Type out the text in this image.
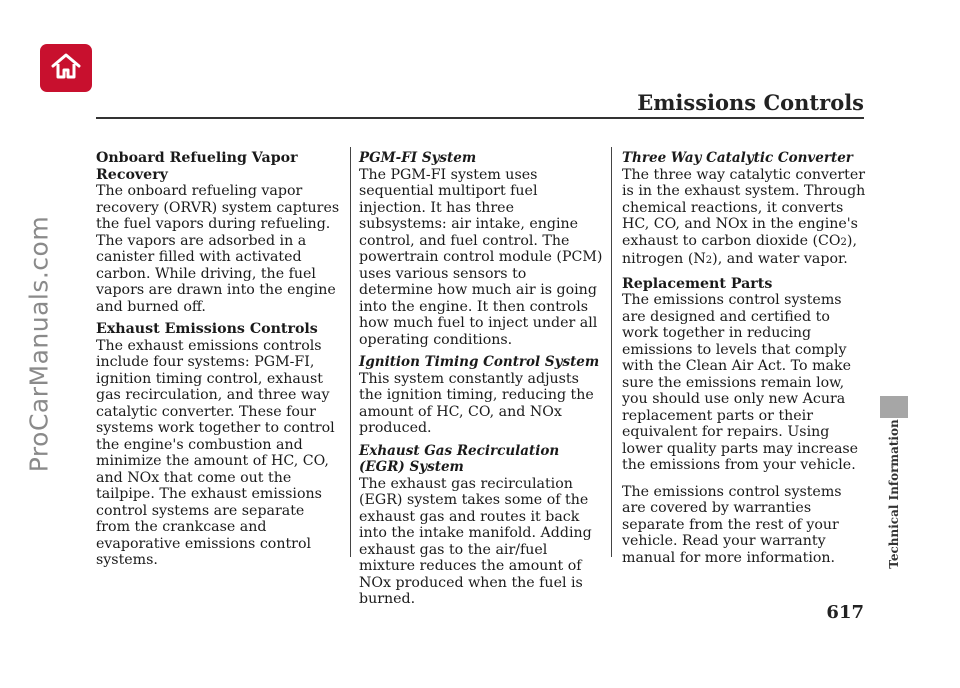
ProCarManuals.com
Emissions Controls
Technical Information
617

Onboard Refueling Vapor Recovery
The onboard refueling vapor recovery (ORVR) system captures the fuel vapors during refueling. The vapors are adsorbed in a canister filled with activated carbon. While driving, the fuel vapors are drawn into the engine and burned off.

Exhaust Emissions Controls
The exhaust emissions controls include four systems: PGM-FI, ignition timing control, exhaust gas recirculation, and three way catalytic converter. These four systems work together to control the engine's combustion and minimize the amount of HC, CO, and NOx that come out the tailpipe. The exhaust emissions control systems are separate from the crankcase and evaporative emissions control systems.

PGM-FI System
The PGM-FI system uses sequential multiport fuel injection. It has three subsystems: air intake, engine control, and fuel control. The powertrain control module (PCM) uses various sensors to determine how much air is going into the engine. It then controls how much fuel to inject under all operating conditions.

Ignition Timing Control System
This system constantly adjusts the ignition timing, reducing the amount of HC, CO, and NOx produced.

Exhaust Gas Recirculation (EGR) System
The exhaust gas recirculation (EGR) system takes some of the exhaust gas and routes it back into the intake manifold. Adding exhaust gas to the air/fuel mixture reduces the amount of NOx produced when the fuel is burned.

Three Way Catalytic Converter
The three way catalytic converter is in the exhaust system. Through chemical reactions, it converts HC, CO, and NOx in the engine's exhaust to carbon dioxide (CO2), nitrogen (N2), and water vapor.

Replacement Parts
The emissions control systems are designed and certified to work together in reducing emissions to levels that comply with the Clean Air Act. To make sure the emissions remain low, you should use only new Acura replacement parts or their equivalent for repairs. Using lower quality parts may increase the emissions from your vehicle.

The emissions control systems are covered by warranties separate from the rest of your vehicle. Read your warranty manual for more information.
